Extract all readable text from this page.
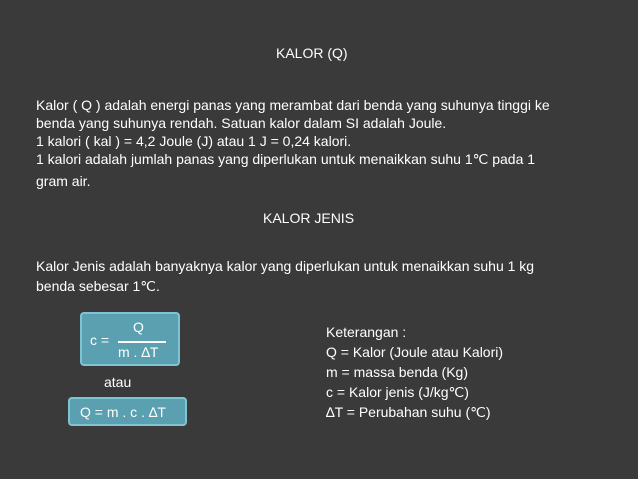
KALOR (Q)
Kalor ( Q ) adalah energi panas yang merambat dari benda yang suhunya tinggi ke
benda yang suhunya rendah. Satuan kalor dalam SI adalah Joule.
1 kalori ( kal ) = 4,2 Joule (J) atau 1 J = 0,24 kalori.
1 kalori adalah jumlah panas yang diperlukan untuk menaikkan suhu 1℃ pada 1
gram air.
KALOR JENIS
Kalor Jenis adalah banyaknya kalor yang diperlukan untuk menaikkan suhu 1 kg
benda sebesar 1℃.
c =
Q
m . ∆T
atau
Q = m . c . ∆T
Keterangan :
Q = Kalor (Joule atau Kalori)
m = massa benda (Kg)
c = Kalor jenis (J/kg℃)
∆T = Perubahan suhu (℃)
